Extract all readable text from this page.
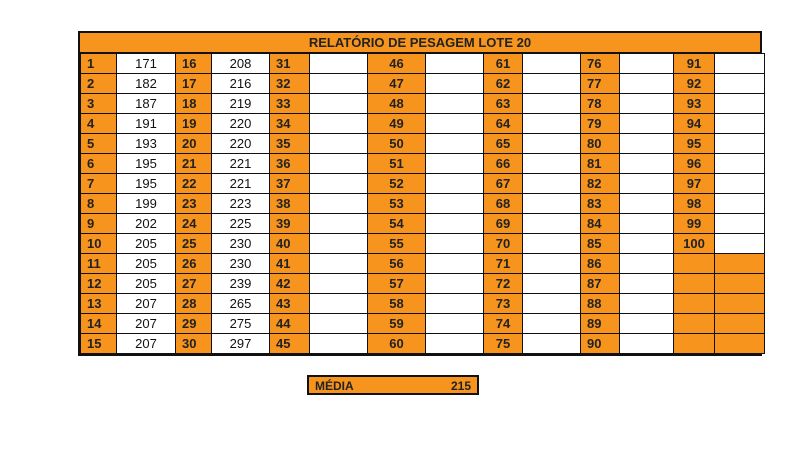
RELATÓRIO DE PESAGEM LOTE 20
1	171	16	208	31		46		61		76		91	
2	182	17	216	32		47		62		77		92	
3	187	18	219	33		48		63		78		93	
4	191	19	220	34		49		64		79		94	
5	193	20	220	35		50		65		80		95	
6	195	21	221	36		51		66		81		96	
7	195	22	221	37		52		67		82		97	
8	199	23	223	38		53		68		83		98	
9	202	24	225	39		54		69		84		99	
10	205	25	230	40		55		70		85		100	
11	205	26	230	41		56		71		86			
12	205	27	239	42		57		72		87			
13	207	28	265	43		58		73		88			
14	207	29	275	44		59		74		89			
15	207	30	297	45		60		75		90			
MÉDIA	215
